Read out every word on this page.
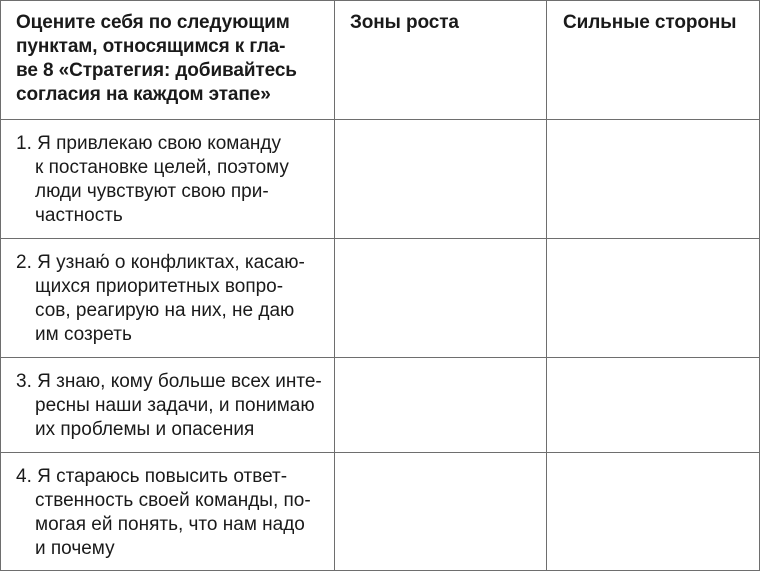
Оцените себя по следующим
пунктам, относящимся к гла-
ве 8 «Стратегия: добивайтесь
согласия на каждом этапе»	Зоны роста	Сильные стороны

1. Я привлекаю свою команду
к постановке целей, поэтому
люди чувствуют свою при-
частность		

2. Я узнаю́ о конфликтах, касаю-
щихся приоритетных вопро-
сов, реагирую на них, не даю
им созреть		

3. Я знаю, кому больше всех инте-
ресны наши задачи, и понимаю
их проблемы и опасения		

4. Я стараюсь повысить ответ-
ственность своей команды, по-
могая ей понять, что нам надо
и почему		
